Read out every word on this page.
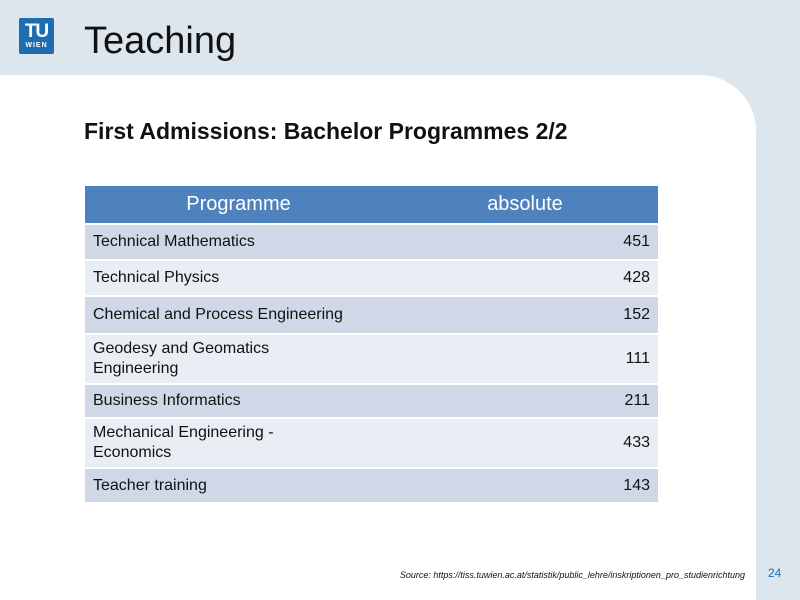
TU
WIEN Teaching
First Admissions: Bachelor Programmes 2/2
Programme	absolute
Technical Mathematics	451
Technical Physics	428
Chemical and Process Engineering	152
Geodesy and Geomatics Engineering	111
Business Informatics	211
Mechanical Engineering - Economics	433
Teacher training	143
Source: https://tiss.tuwien.ac.at/statistik/public_lehre/inskriptionen_pro_studienrichtung 24
